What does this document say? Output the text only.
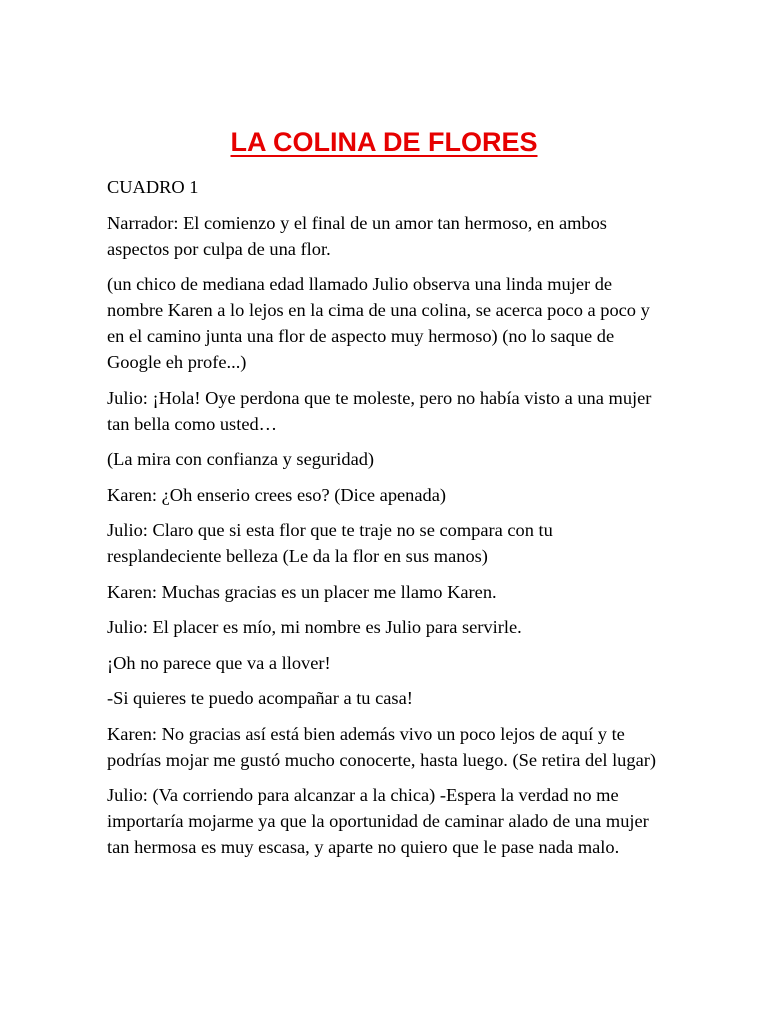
LA COLINA DE FLORES

CUADRO 1

Narrador: El comienzo y el final de un amor tan hermoso, en ambos aspectos por culpa de una flor.

(un chico de mediana edad llamado Julio observa una linda mujer de nombre Karen a lo lejos en la cima de una colina, se acerca poco a poco y en el camino junta una flor de aspecto muy hermoso) (no lo saque de Google eh profe...)

Julio: ¡Hola! Oye perdona que te moleste, pero no había visto a una mujer tan bella como usted…

(La mira con confianza y seguridad)

Karen: ¿Oh enserio crees eso? (Dice apenada)

Julio: Claro que si esta flor que te traje no se compara con tu resplandeciente belleza (Le da la flor en sus manos)

Karen: Muchas gracias es un placer me llamo Karen.

Julio: El placer es mío, mi nombre es Julio para servirle.

¡Oh no parece que va a llover!

-Si quieres te puedo acompañar a tu casa!

Karen: No gracias así está bien además vivo un poco lejos de aquí y te podrías mojar me gustó mucho conocerte, hasta luego. (Se retira del lugar)

Julio: (Va corriendo para alcanzar a la chica) -Espera la verdad no me importaría mojarme ya que la oportunidad de caminar alado de una mujer tan hermosa es muy escasa, y aparte no quiero que le pase nada malo.
